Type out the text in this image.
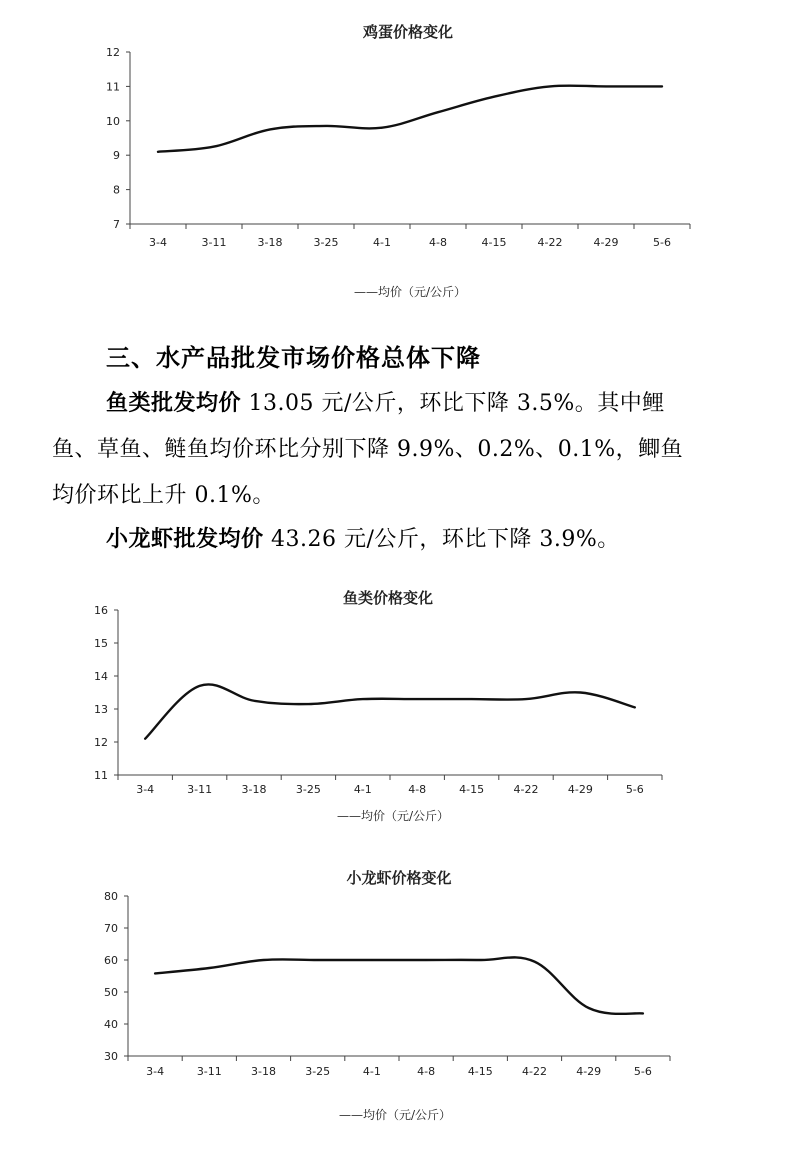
鸡蛋价格变化
7
8
9
10
11
12
3-4	3-11	3-18	3-25	4-1	4-8	4-15	4-22	4-29	5-6
——均价（元/公斤）
三、水产品批发市场价格总体下降
鱼类批发均价 13.05 元/公斤，环比下降 3.5%。其中鲤
鱼、草鱼、鲢鱼均价环比分别下降 9.9%、0.2%、0.1%，鲫鱼
均价环比上升 0.1%。
小龙虾批发均价 43.26 元/公斤，环比下降 3.9%。
鱼类价格变化
11
12
13
14
15
16
3-4	3-11	3-18	3-25	4-1	4-8	4-15	4-22	4-29	5-6
——均价（元/公斤）
小龙虾价格变化
30
40
50
60
70
80
3-4	3-11	3-18	3-25	4-1	4-8	4-15	4-22	4-29	5-6
——均价（元/公斤）
